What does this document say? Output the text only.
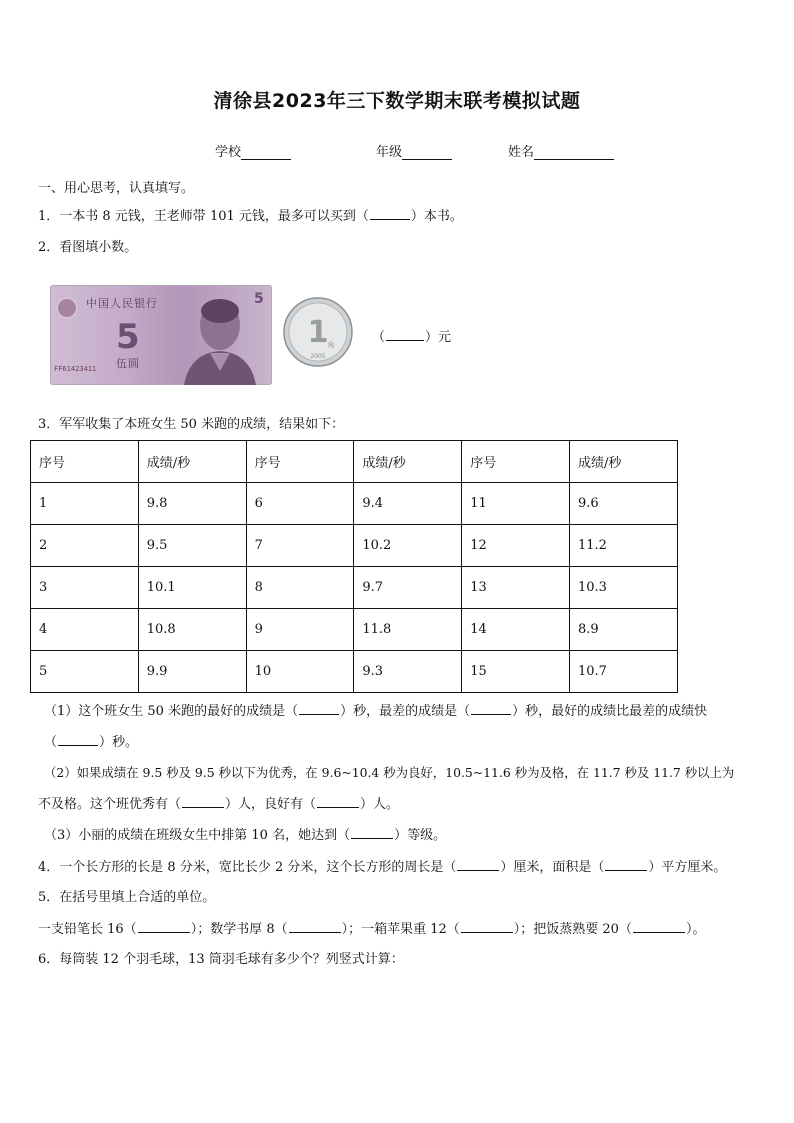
清徐县2023年三下数学期末联考模拟试题
学校	年级	姓名
一、用心思考，认真填写。
1．一本书 8 元钱，王老师带 101 元钱，最多可以买到（	）本书。
2．看图填小数。
中国人民银行
5
伍圆
FF61423411
5
1 角
2005
（	）元
3．军军收集了本班女生 50 米跑的成绩，结果如下：
序号	成绩/秒	序号	成绩/秒	序号	成绩/秒
1	9.8	6	9.4	11	9.6
2	9.5	7	10.2	12	11.2
3	10.1	8	9.7	13	10.3
4	10.8	9	11.8	14	8.9
5	9.9	10	9.3	15	10.7
（1）这个班女生 50 米跑的最好的成绩是（	）秒，最差的成绩是（	）秒，最好的成绩比最差的成绩快
（	）秒。
（2）如果成绩在 9.5 秒及 9.5 秒以下为优秀，在 9.6~10.4 秒为良好，10.5~11.6 秒为及格，在 11.7 秒及 11.7 秒以上为
不及格。这个班优秀有（	）人，良好有（	）人。
（3）小丽的成绩在班级女生中排第 10 名，她达到（	）等级。
4．一个长方形的长是 8 分米，宽比长少 2 分米，这个长方形的周长是（	）厘米，面积是（	）平方厘米。
5．在括号里填上合适的单位。
一支铅笔长 16（	）；数学书厚 8（	）；一箱苹果重 12（	）；把饭蒸熟要 20（	）。
6．每筒装 12 个羽毛球，13 筒羽毛球有多少个？列竖式计算：
